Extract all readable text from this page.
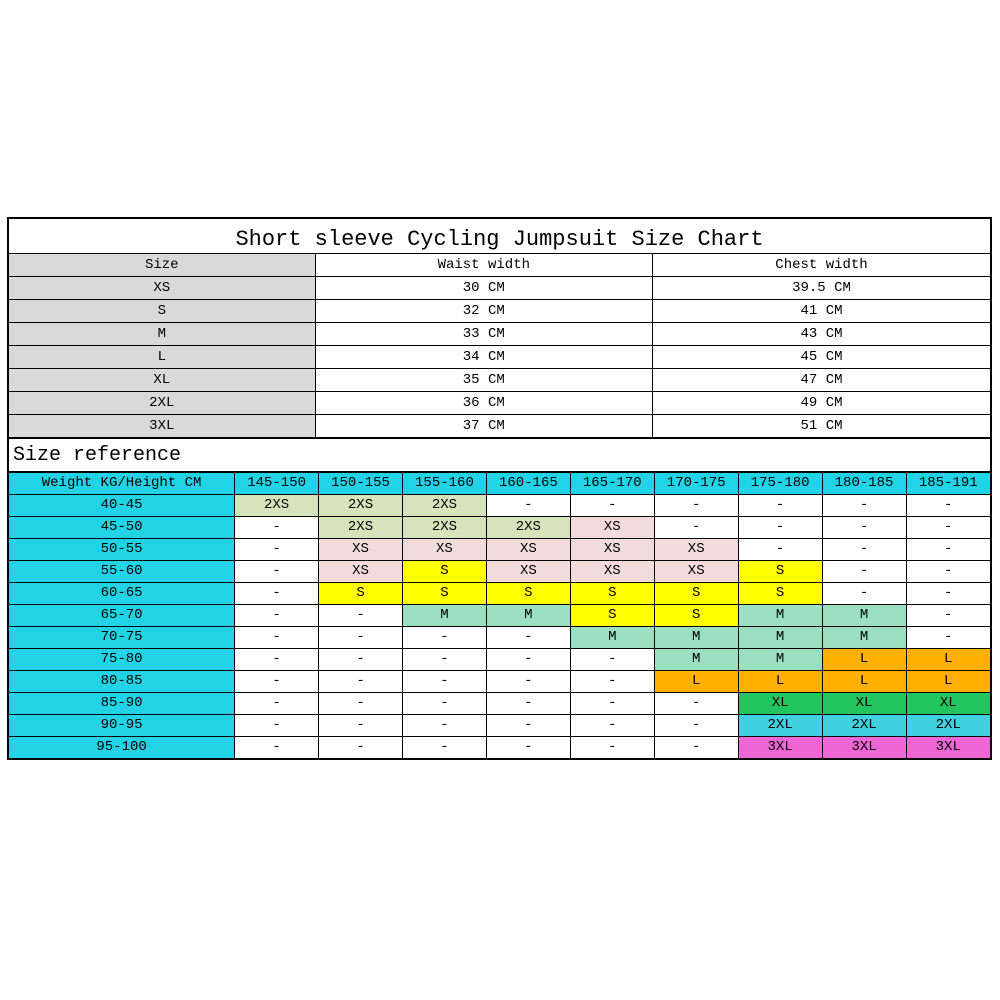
Short sleeve Cycling Jumpsuit Size Chart
Size	Waist width	Chest width
XS	30 CM	39.5 CM
S	32 CM	41 CM
M	33 CM	43 CM
L	34 CM	45 CM
XL	35 CM	47 CM
2XL	36 CM	49 CM
3XL	37 CM	51 CM
Size reference
Weight KG/Height CM	145-150	150-155	155-160	160-165	165-170	170-175	175-180	180-185	185-191
40-45	2XS	2XS	2XS	-	-	-	-	-	-
45-50	-	2XS	2XS	2XS	XS	-	-	-	-
50-55	-	XS	XS	XS	XS	XS	-	-	-
55-60	-	XS	S	XS	XS	XS	S	-	-
60-65	-	S	S	S	S	S	S	-	-
65-70	-	-	M	M	S	S	M	M	-
70-75	-	-	-	-	M	M	M	M	-
75-80	-	-	-	-	-	M	M	L	L
80-85	-	-	-	-	-	L	L	L	L
85-90	-	-	-	-	-	-	XL	XL	XL
90-95	-	-	-	-	-	-	2XL	2XL	2XL
95-100	-	-	-	-	-	-	3XL	3XL	3XL
